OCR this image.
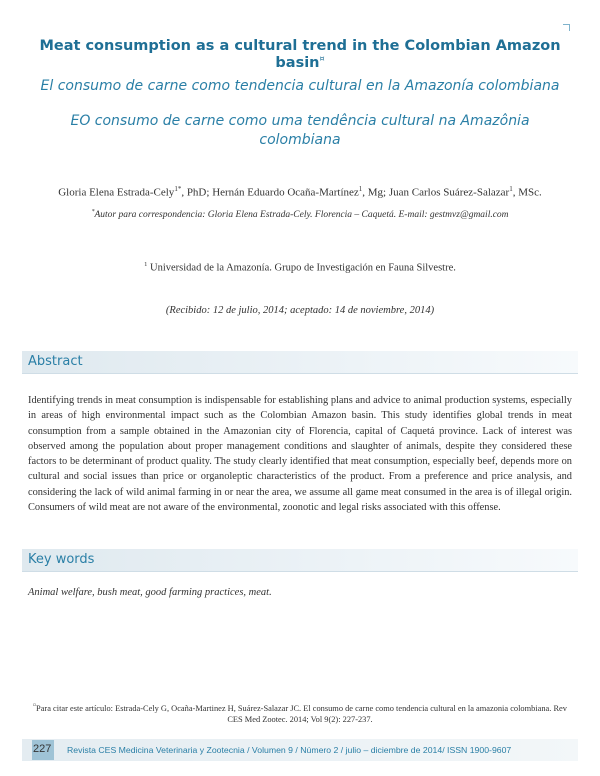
Meat consumption as a cultural trend in the Colombian Amazon basin¤
El consumo de carne como tendencia cultural en la Amazonía colombiana
EO consumo de carne como uma tendência cultural na Amazônia colombiana
Gloria Elena Estrada-Cely$^{1*}$, PhD; Hernán Eduardo Ocaña-Martínez$^1$, Mg; Juan Carlos Suárez-Salazar$^1$, MSc.
*Autor para correspondencia: Gloria Elena Estrada-Cely. Florencia – Caquetá. E-mail: gestmvz@gmail.com
$^1$ Universidad de la Amazonía. Grupo de Investigación en Fauna Silvestre.
(Recibido: 12 de julio, 2014; aceptado: 14 de noviembre, 2014)
Abstract
Identifying trends in meat consumption is indispensable for establishing plans and advice to animal production systems, especially in areas of high environmental impact such as the Colombian Amazon basin. This study identifies global trends in meat consumption from a sample obtained in the Amazonian city of Florencia, capital of Caquetá province. Lack of interest was observed among the population about proper management conditions and slaughter of animals, despite they considered these factors to be determinant of product quality. The study clearly identified that meat consumption, especially beef, depends more on cultural and social issues than price or organoleptic characteristics of the product. From a preference and price analysis, and considering the lack of wild animal farming in or near the area, we assume all game meat consumed in the area is of illegal origin. Consumers of wild meat are not aware of the environmental, zoonotic and legal risks associated with this offense.
Key words
Animal welfare, bush meat, good farming practices, meat.
¤Para citar este artículo: Estrada-Cely G, Ocaña-Martinez H, Suárez-Salazar JC. El consumo de carne como tendencia cultural en la amazonia colombiana. Rev CES Med Zootec. 2014; Vol 9(2): 227-237.
227 Revista CES Medicina Veterinaria y Zootecnia / Volumen 9 / Número 2 / julio – diciembre de 2014/ ISSN 1900-9607
